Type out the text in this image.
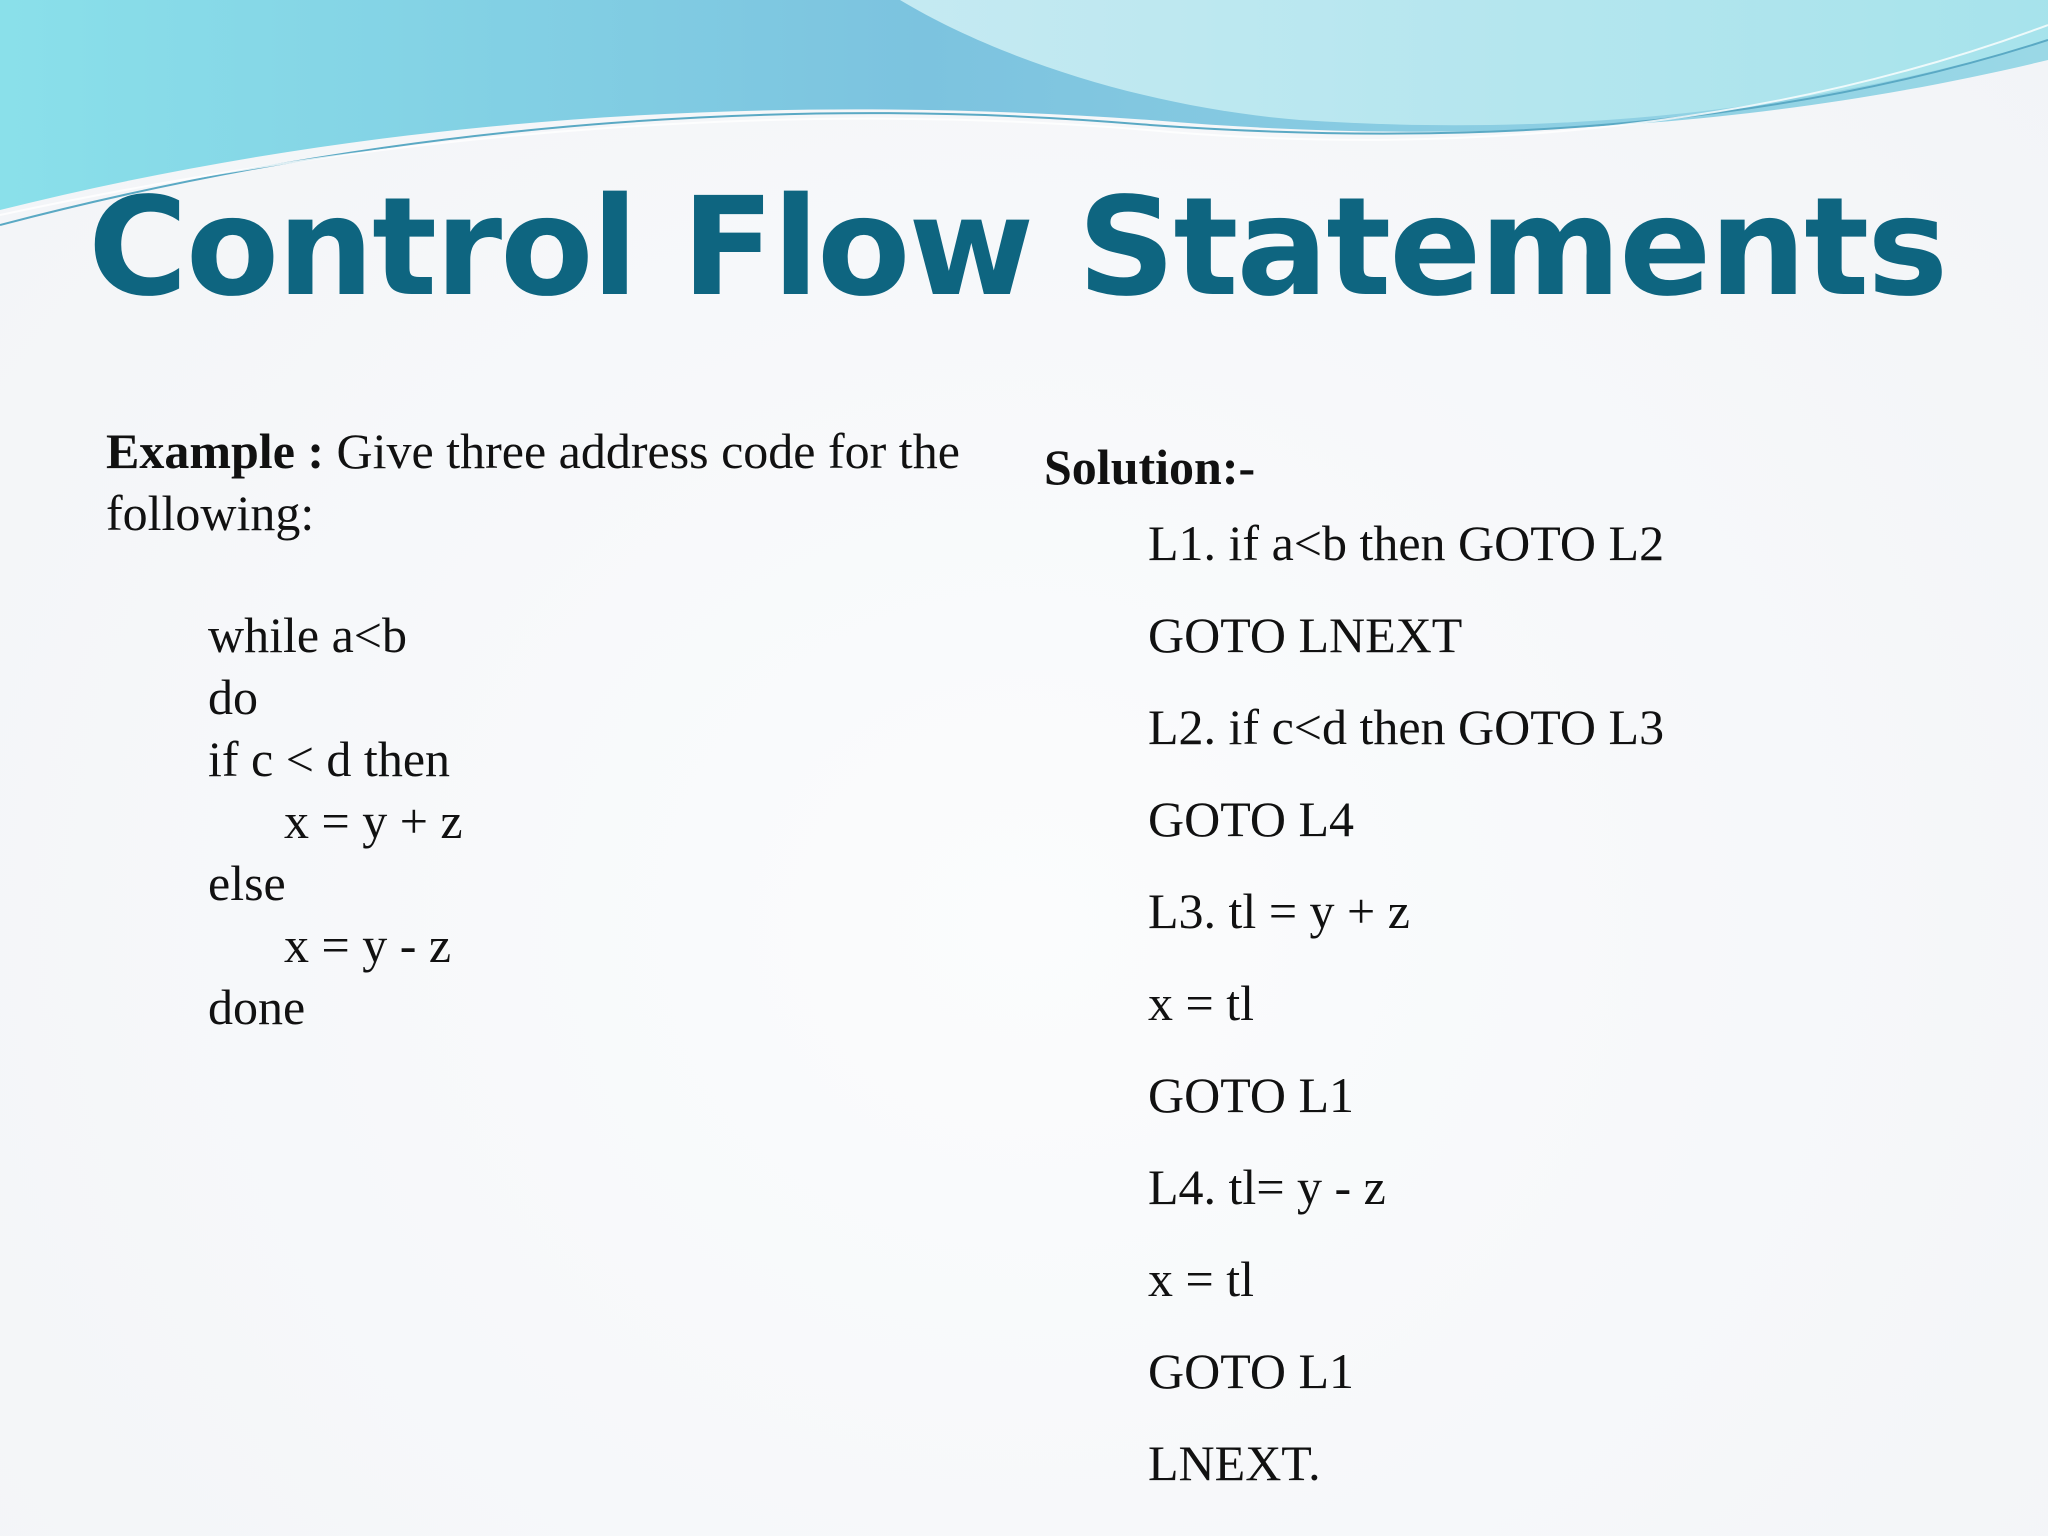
Control Flow Statements

Example : Give three address code for the following:

while a<b
do
if c < d then
x = y + z
else
x = y - z
done

Solution:-

L1. if a<b then GOTO L2
GOTO LNEXT
L2. if c<d then GOTO L3
GOTO L4
L3. tl = y + z
x = tl
GOTO L1
L4. tl= y - z
x = tl
GOTO L1
LNEXT.
